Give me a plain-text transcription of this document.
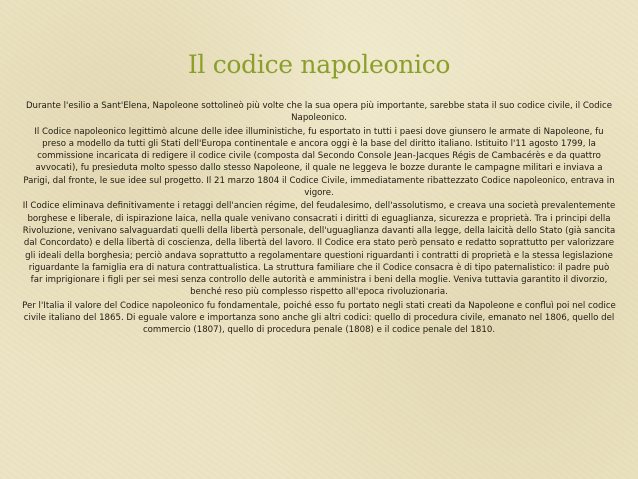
Il codice napoleonico

Durante l'esilio a Sant'Elena, Napoleone sottolineò più volte che la sua opera più importante, sarebbe stata il suo codice civile, il Codice Napoleonico.

Il Codice napoleonico legittimò alcune delle idee illuministiche, fu esportato in tutti i paesi dove giunsero le armate di Napoleone, fu preso a modello da tutti gli Stati dell'Europa continentale e ancora oggi è la base del diritto italiano. Istituito l'11 agosto 1799, la commissione incaricata di redigere il codice civile (composta dal Secondo Console Jean-Jacques Régis de Cambacérès e da quattro avvocati), fu presieduta molto spesso dallo stesso Napoleone, il quale ne leggeva le bozze durante le campagne militari e inviava a Parigi, dal fronte, le sue idee sul progetto. Il 21 marzo 1804 il Codice Civile, immediatamente ribattezzato Codice napoleonico, entrava in vigore.

Il Codice eliminava definitivamente i retaggi dell'ancien régime, del feudalesimo, dell'assolutismo, e creava una società prevalentemente borghese e liberale, di ispirazione laica, nella quale venivano consacrati i diritti di eguaglianza, sicurezza e proprietà. Tra i principi della Rivoluzione, venivano salvaguardati quelli della libertà personale, dell'uguaglianza davanti alla legge, della laicità dello Stato (già sancita dal Concordato) e della libertà di coscienza, della libertà del lavoro. Il Codice era stato però pensato e redatto soprattutto per valorizzare gli ideali della borghesia; perciò andava soprattutto a regolamentare questioni riguardanti i contratti di proprietà e la stessa legislazione riguardante la famiglia era di natura contrattualistica. La struttura familiare che il Codice consacra è di tipo paternalistico: il padre può far imprigionare i figli per sei mesi senza controllo delle autorità e amministra i beni della moglie. Veniva tuttavia garantito il divorzio, benché reso più complesso rispetto all'epoca rivoluzionaria.

Per l'Italia il valore del Codice napoleonico fu fondamentale, poiché esso fu portato negli stati creati da Napoleone e confluì poi nel codice civile italiano del 1865. Di eguale valore e importanza sono anche gli altri codici: quello di procedura civile, emanato nel 1806, quello del commercio (1807), quello di procedura penale (1808) e il codice penale del 1810.
